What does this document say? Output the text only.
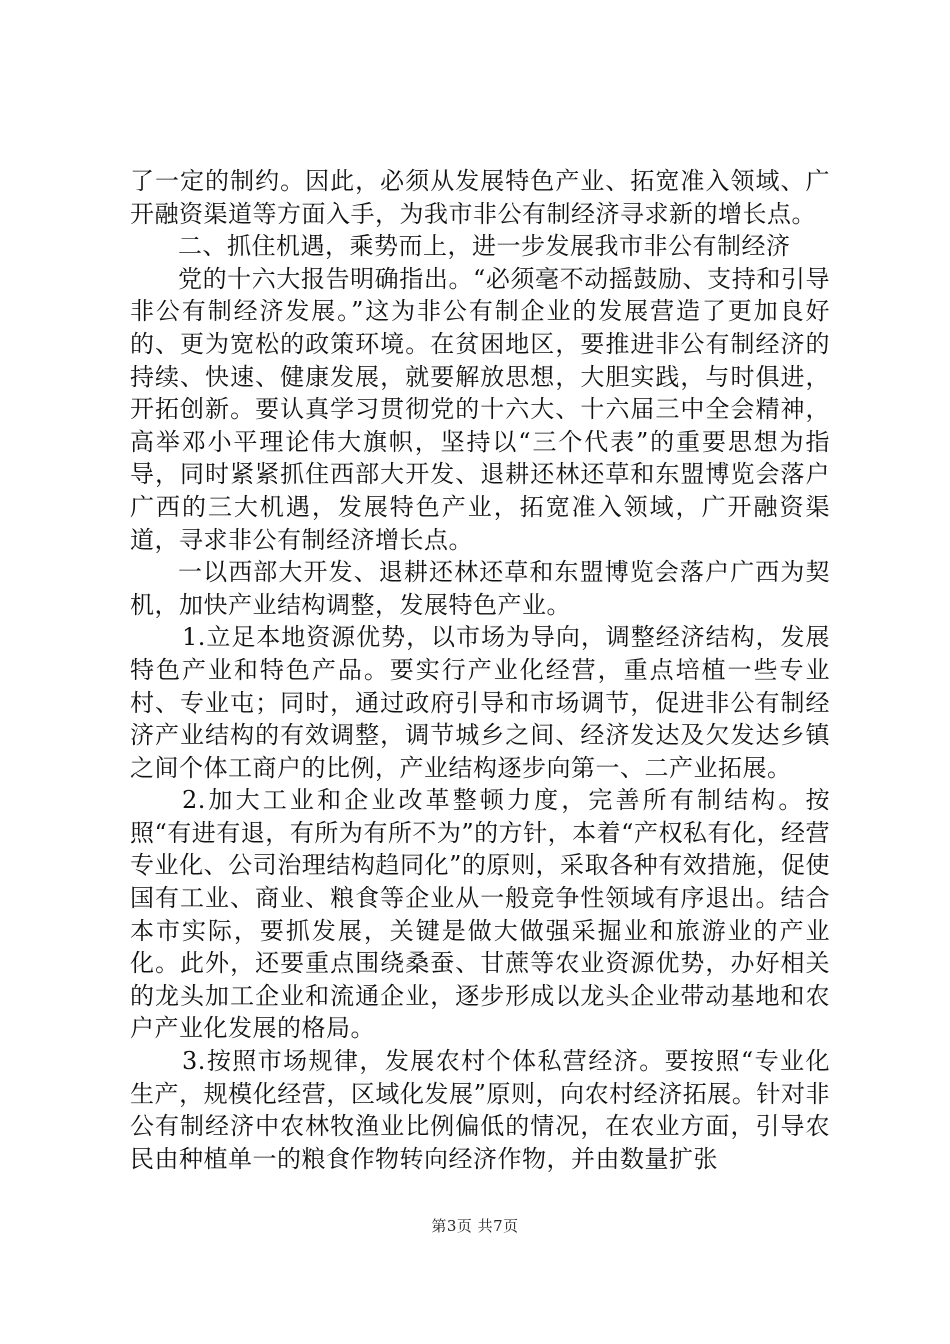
了一定的制约。因此，必须从发展特色产业、拓宽准入领域、广开融资渠道等方面入手，为我市非公有制经济寻求新的增长点。

二、抓住机遇，乘势而上，进一步发展我市非公有制经济

党的十六大报告明确指出。“必须毫不动摇鼓励、支持和引导非公有制经济发展。”这为非公有制企业的发展营造了更加良好的、更为宽松的政策环境。在贫困地区，要推进非公有制经济的持续、快速、健康发展，就要解放思想，大胆实践，与时俱进，开拓创新。要认真学习贯彻党的十六大、十六届三中全会精神，高举邓小平理论伟大旗帜，坚持以“三个代表”的重要思想为指导，同时紧紧抓住西部大开发、退耕还林还草和东盟博览会落户广西的三大机遇，发展特色产业，拓宽准入领域，广开融资渠道，寻求非公有制经济增长点。

一以西部大开发、退耕还林还草和东盟博览会落户广西为契机，加快产业结构调整，发展特色产业。

1.立足本地资源优势，以市场为导向，调整经济结构，发展特色产业和特色产品。要实行产业化经营，重点培植一些专业村、专业屯；同时，通过政府引导和市场调节，促进非公有制经济产业结构的有效调整，调节城乡之间、经济发达及欠发达乡镇之间个体工商户的比例，产业结构逐步向第一、二产业拓展。

2.加大工业和企业改革整顿力度，完善所有制结构。按照“有进有退，有所为有所不为”的方针，本着“产权私有化，经营专业化、公司治理结构趋同化”的原则，采取各种有效措施，促使国有工业、商业、粮食等企业从一般竞争性领域有序退出。结合本市实际，要抓发展，关键是做大做强采掘业和旅游业的产业化。此外，还要重点围绕桑蚕、甘蔗等农业资源优势，办好相关的龙头加工企业和流通企业，逐步形成以龙头企业带动基地和农户产业化发展的格局。

3.按照市场规律，发展农村个体私营经济。要按照“专业化生产，规模化经营，区域化发展”原则，向农村经济拓展。针对非公有制经济中农林牧渔业比例偏低的情况，在农业方面，引导农民由种植单一的粮食作物转向经济作物，并由数量扩张

第3页 共7页
